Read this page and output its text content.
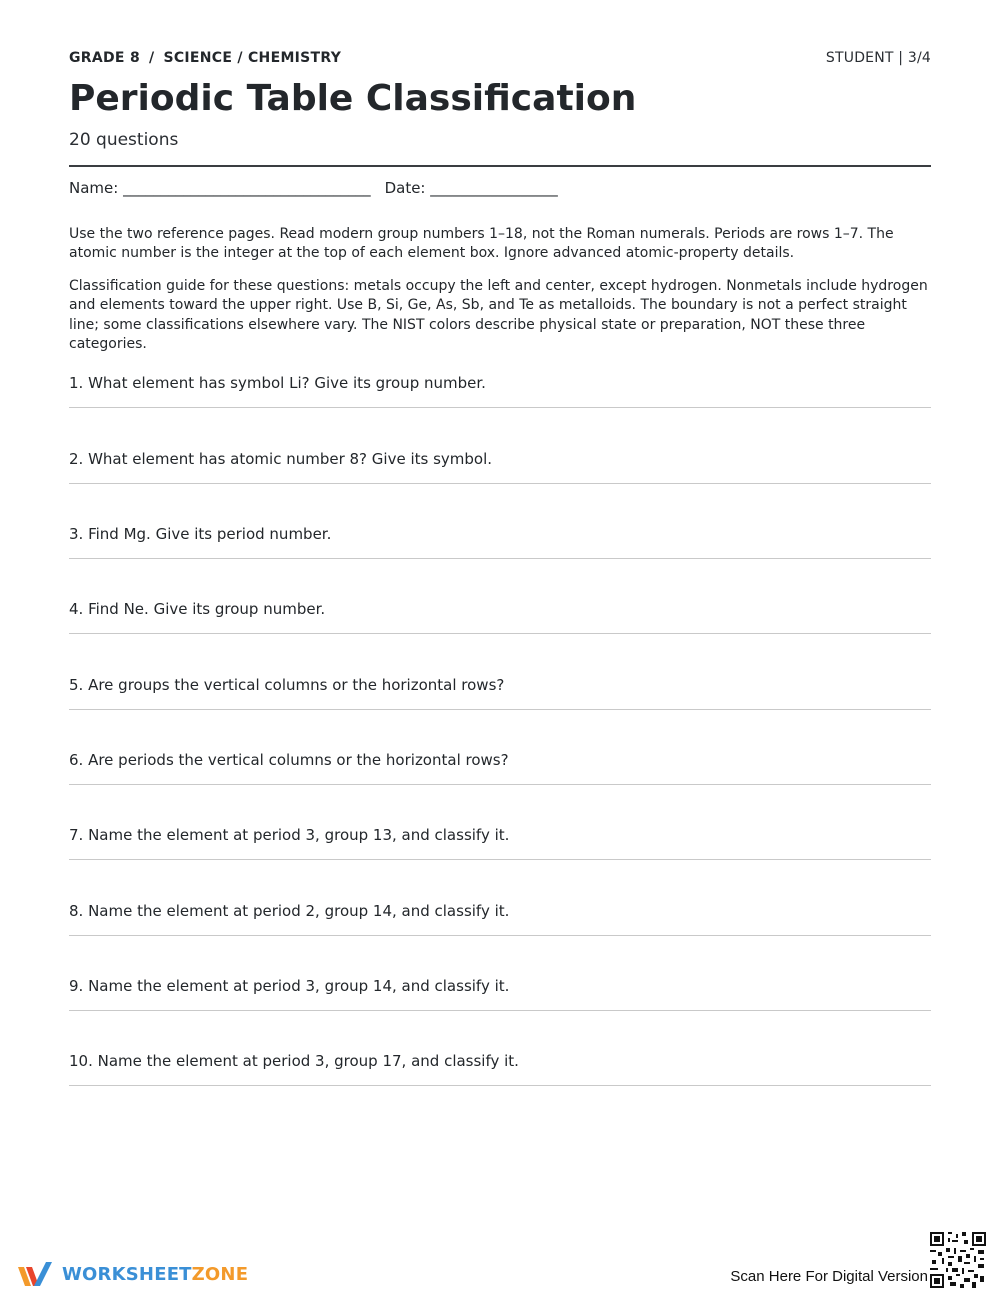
GRADE 8 / SCIENCE / CHEMISTRY	STUDENT | 3/4
Periodic Table Classification
20 questions
Name: _________________________________ Date: _________________

Use the two reference pages. Read modern group numbers 1–18, not the Roman numerals. Periods are rows 1–7. The atomic number is the integer at the top of each element box. Ignore advanced atomic-property details.

Classification guide for these questions: metals occupy the left and center, except hydrogen. Nonmetals include hydrogen and elements toward the upper right. Use B, Si, Ge, As, Sb, and Te as metalloids. The boundary is not a perfect straight line; some classifications elsewhere vary. The NIST colors describe physical state or preparation, NOT these three categories.

1. What element has symbol Li? Give its group number.
2. What element has atomic number 8? Give its symbol.
3. Find Mg. Give its period number.
4. Find Ne. Give its group number.
5. Are groups the vertical columns or the horizontal rows?
6. Are periods the vertical columns or the horizontal rows?
7. Name the element at period 3, group 13, and classify it.
8. Name the element at period 2, group 14, and classify it.
9. Name the element at period 3, group 14, and classify it.
10. Name the element at period 3, group 17, and classify it.
WORKSHEETZONE	Scan Here For Digital Version
